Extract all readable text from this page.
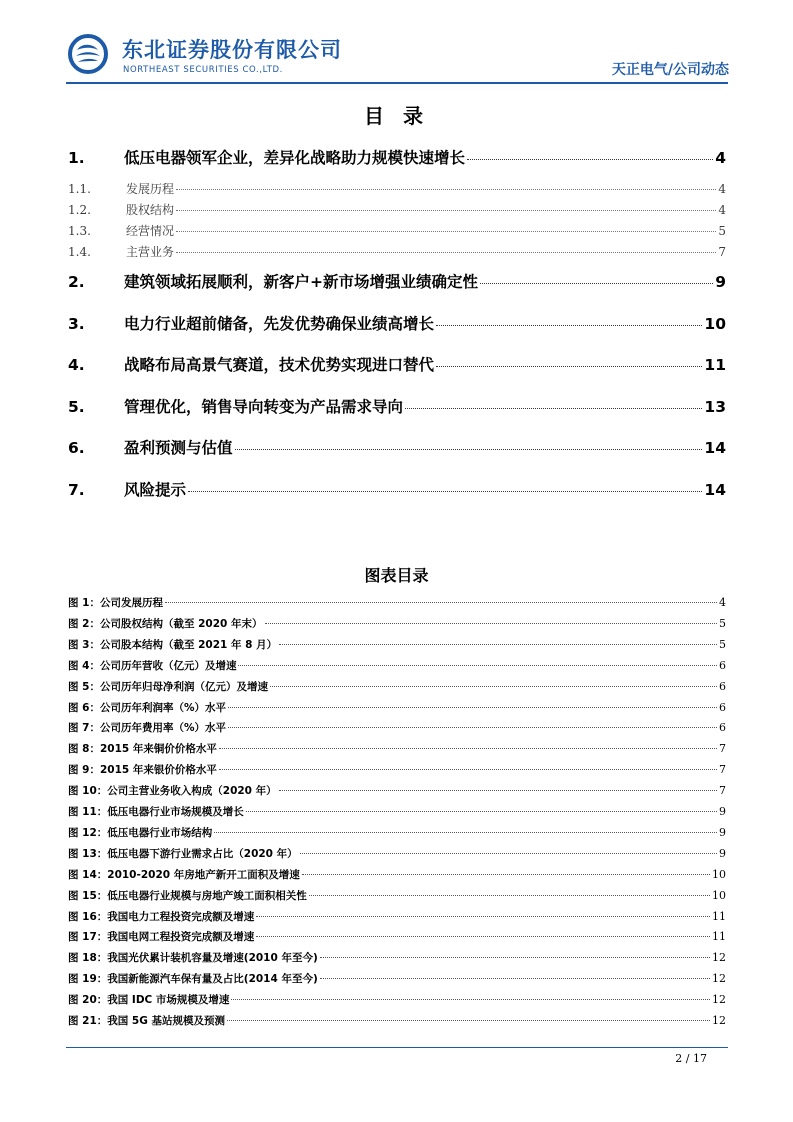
东北证券股份有限公司
NORTHEAST SECURITIES CO.,LTD.	天正电气/公司动态
目 录
1.	低压电器领军企业，差异化战略助力规模快速增长	4
1.1.	发展历程	4
1.2.	股权结构	4
1.3.	经营情况	5
1.4.	主营业务	7
2.	建筑领域拓展顺利，新客户+新市场增强业绩确定性	9
3.	电力行业超前储备，先发优势确保业绩高增长	10
4.	战略布局高景气赛道，技术优势实现进口替代	11
5.	管理优化，销售导向转变为产品需求导向	13
6.	盈利预测与估值	14
7.	风险提示	14
图表目录
图 1：公司发展历程	4
图 2：公司股权结构（截至 2020 年末）	5
图 3：公司股本结构（截至 2021 年 8 月）	5
图 4：公司历年营收（亿元）及增速	6
图 5：公司历年归母净利润（亿元）及增速	6
图 6：公司历年利润率（%）水平	6
图 7：公司历年费用率（%）水平	6
图 8：2015 年来铜价价格水平	7
图 9：2015 年来银价价格水平	7
图 10：公司主营业务收入构成（2020 年）	7
图 11：低压电器行业市场规模及增长	9
图 12：低压电器行业市场结构	9
图 13：低压电器下游行业需求占比（2020 年）	9
图 14：2010-2020 年房地产新开工面积及增速	10
图 15：低压电器行业规模与房地产竣工面积相关性	10
图 16：我国电力工程投资完成额及增速	11
图 17：我国电网工程投资完成额及增速	11
图 18：我国光伏累计装机容量及增速(2010 年至今)	12
图 19：我国新能源汽车保有量及占比(2014 年至今)	12
图 20：我国 IDC 市场规模及增速	12
图 21：我国 5G 基站规模及预测	12
2 / 17
